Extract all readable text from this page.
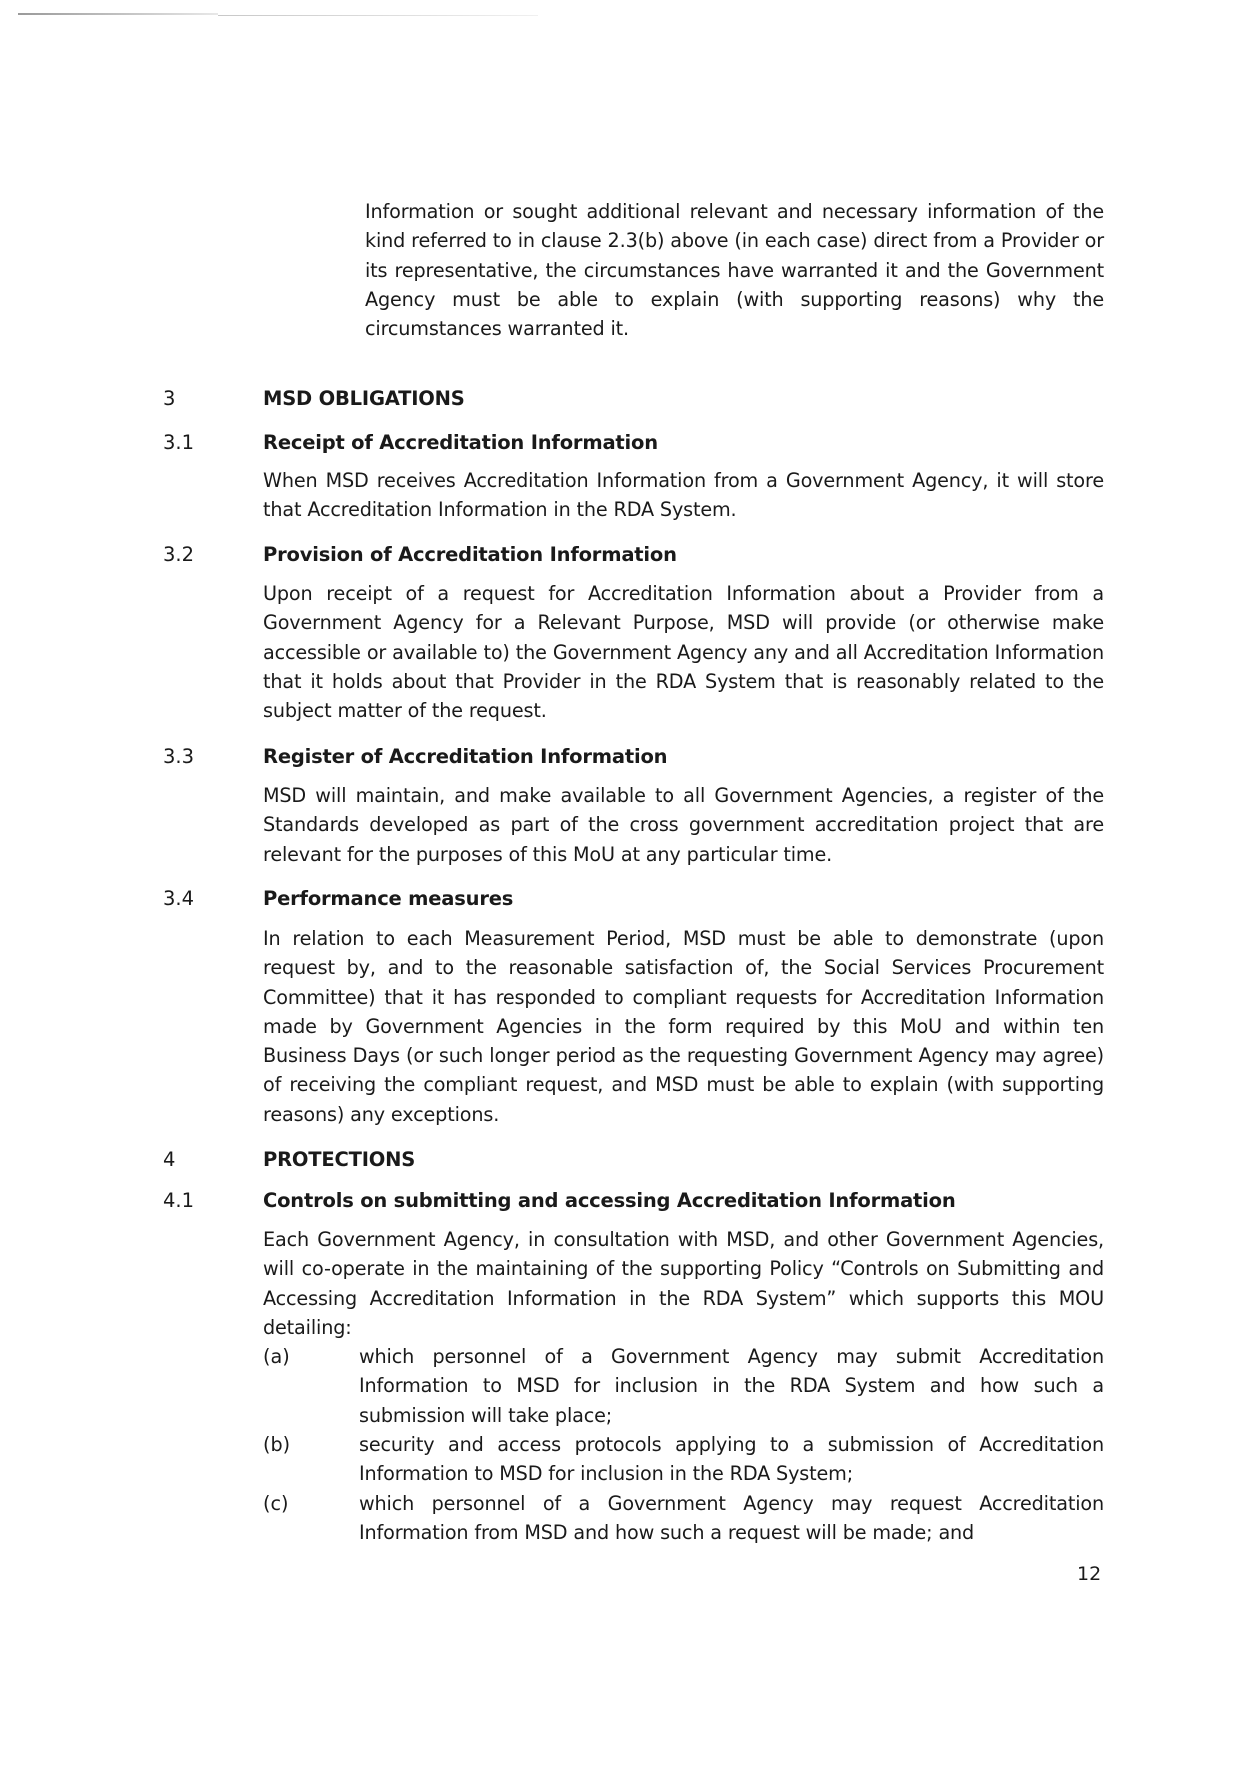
Information or sought additional relevant and necessary information of the kind referred to in clause 2.3(b) above (in each case) direct from a Provider or its representative, the circumstances have warranted it and the Government Agency must be able to explain (with supporting reasons) why the circumstances warranted it.

3	MSD OBLIGATIONS
3.1	Receipt of Accreditation Information

When MSD receives Accreditation Information from a Government Agency, it will store that Accreditation Information in the RDA System.

3.2	Provision of Accreditation Information

Upon receipt of a request for Accreditation Information about a Provider from a Government Agency for a Relevant Purpose, MSD will provide (or otherwise make accessible or available to) the Government Agency any and all Accreditation Information that it holds about that Provider in the RDA System that is reasonably related to the subject matter of the request.

3.3	Register of Accreditation Information

MSD will maintain, and make available to all Government Agencies, a register of the Standards developed as part of the cross government accreditation project that are relevant for the purposes of this MoU at any particular time.

3.4	Performance measures

In relation to each Measurement Period, MSD must be able to demonstrate (upon request by, and to the reasonable satisfaction of, the Social Services Procurement Committee) that it has responded to compliant requests for Accreditation Information made by Government Agencies in the form required by this MoU and within ten Business Days (or such longer period as the requesting Government Agency may agree) of receiving the compliant request, and MSD must be able to explain (with supporting reasons) any exceptions.

4	PROTECTIONS
4.1	Controls on submitting and accessing Accreditation Information

Each Government Agency, in consultation with MSD, and other Government Agencies, will co-operate in the maintaining of the supporting Policy “Controls on Submitting and Accessing Accreditation Information in the RDA System” which supports this MOU detailing:

(a)	which personnel of a Government Agency may submit Accreditation Information to MSD for inclusion in the RDA System and how such a submission will take place;
(b)	security and access protocols applying to a submission of Accreditation Information to MSD for inclusion in the RDA System;
(c)	which personnel of a Government Agency may request Accreditation Information from MSD and how such a request will be made; and
12
